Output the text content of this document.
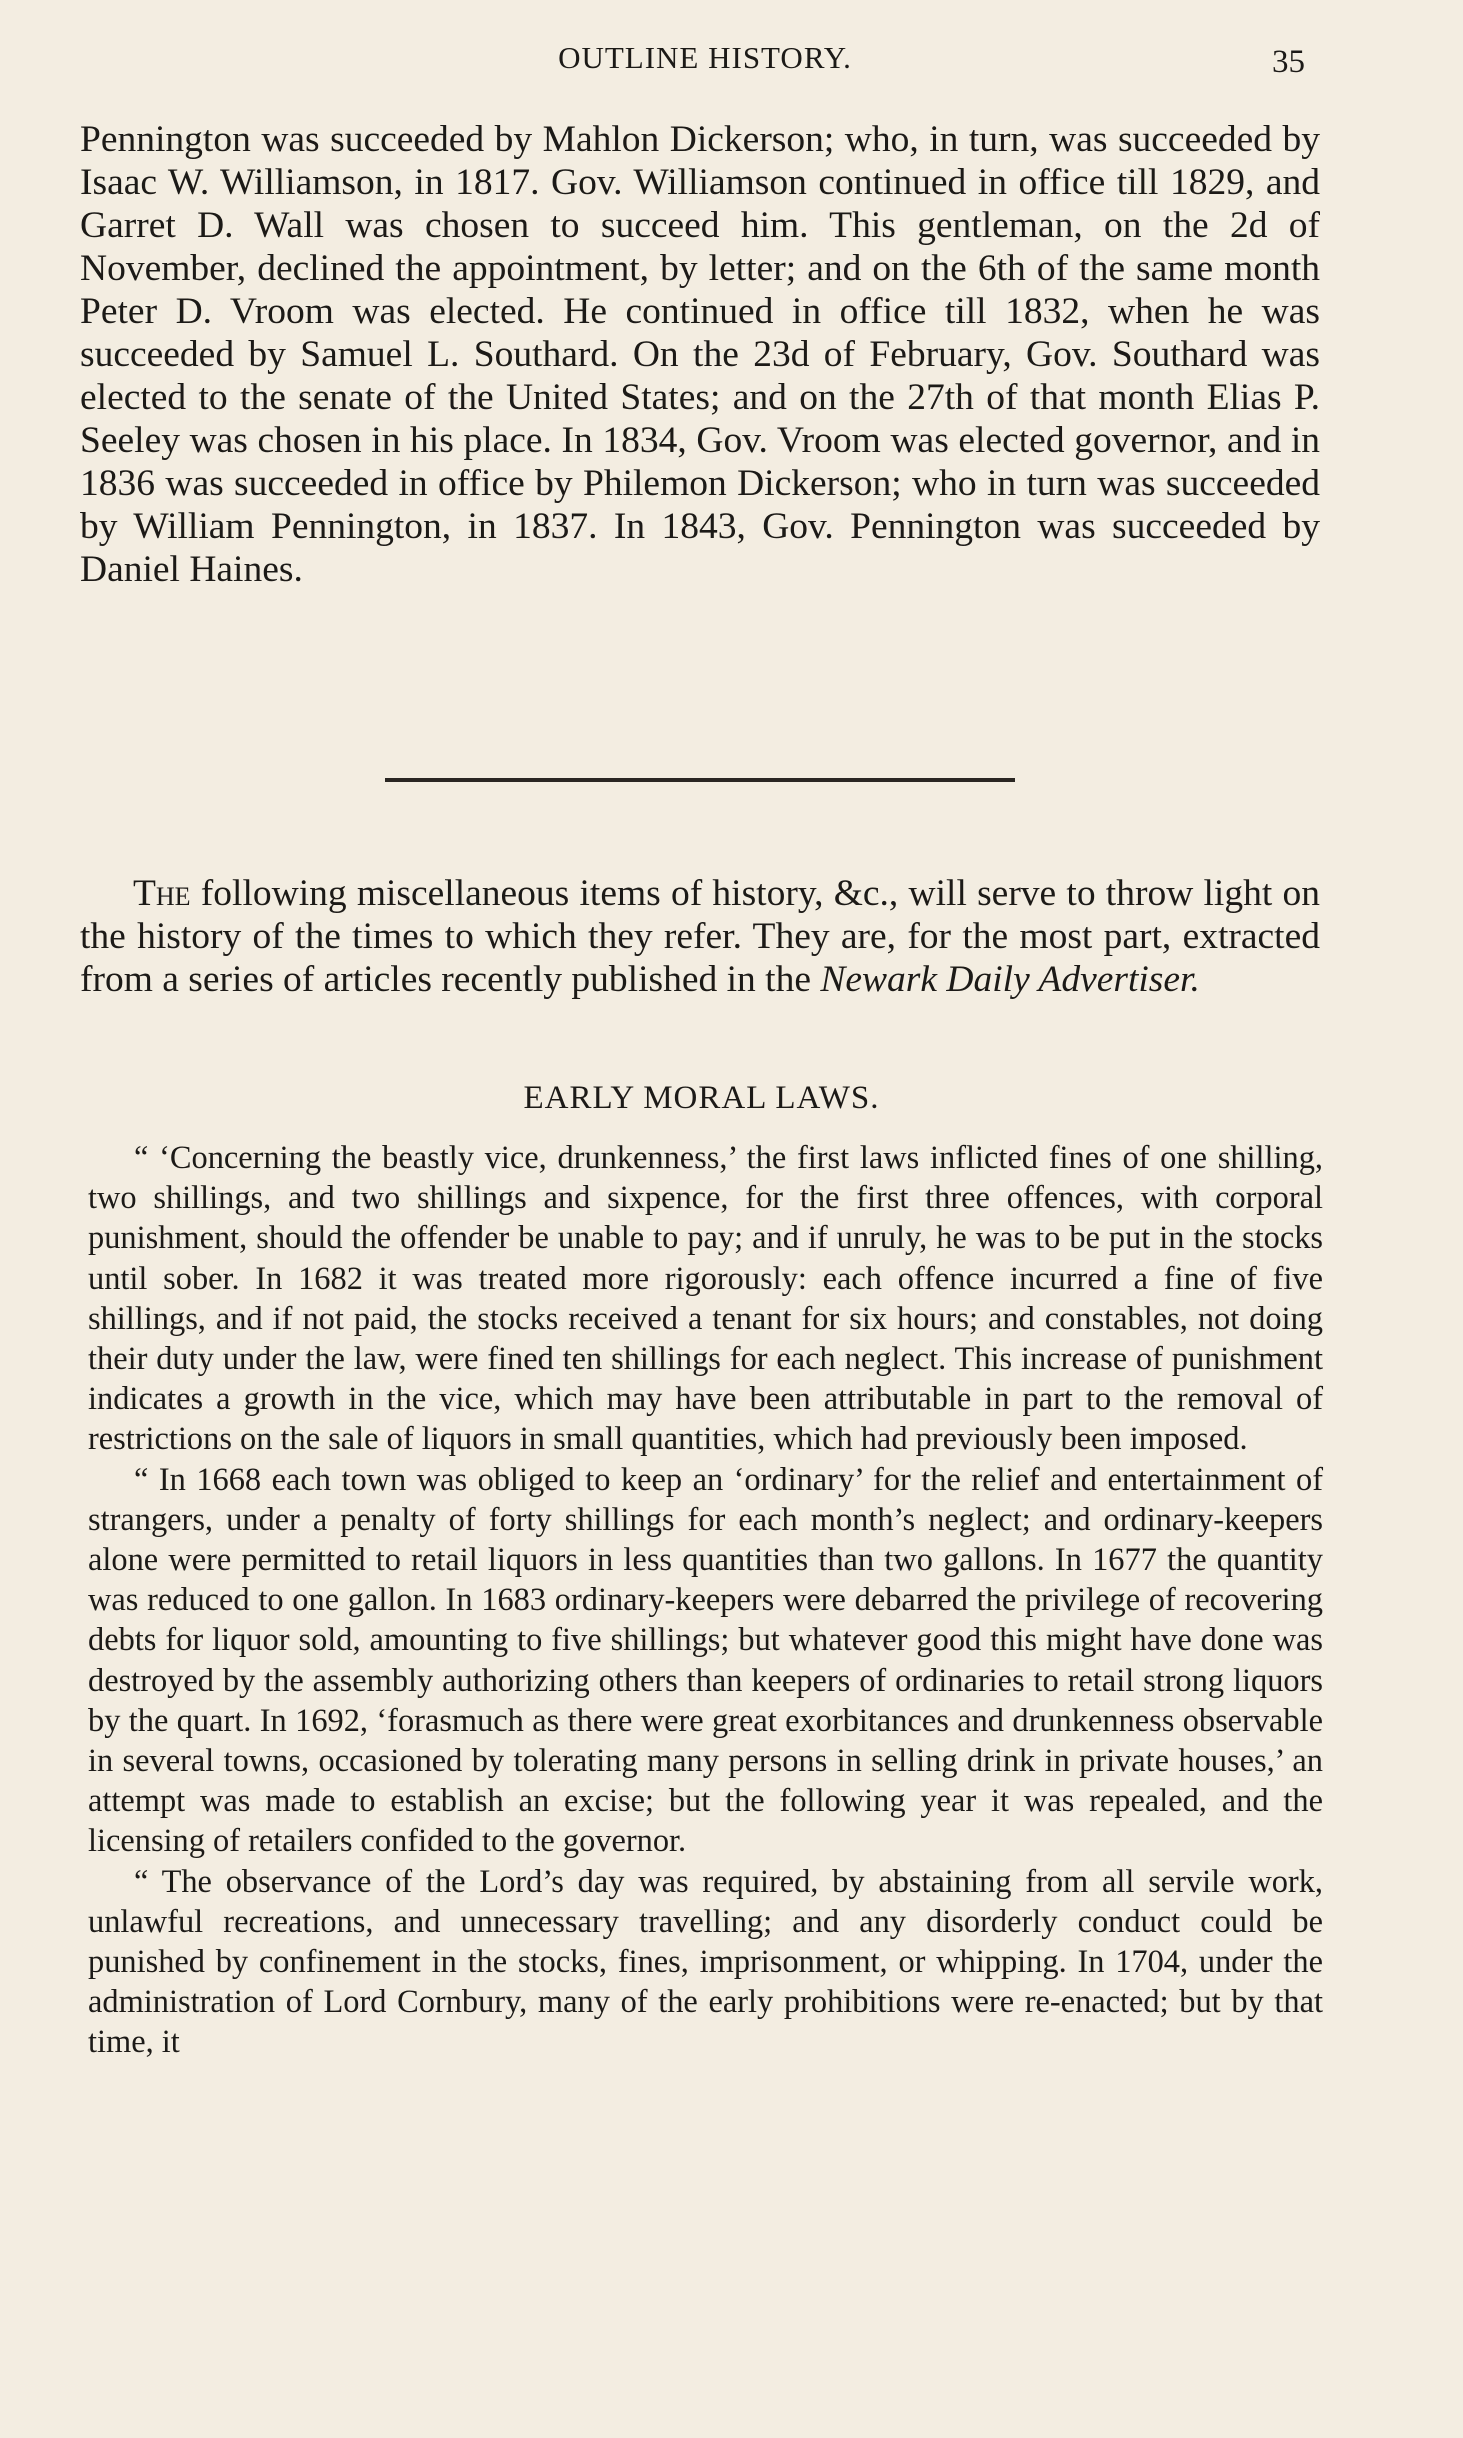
OUTLINE HISTORY.	35

Pennington was succeeded by Mahlon Dickerson; who, in turn, was succeeded by Isaac W. Williamson, in 1817. Gov. Williamson continued in office till 1829, and Garret D. Wall was chosen to succeed him. This gentleman, on the 2d of November, declined the appointment, by letter; and on the 6th of the same month Peter D. Vroom was elected. He continued in office till 1832, when he was succeeded by Samuel L. Southard. On the 23d of February, Gov. Southard was elected to the senate of the United States; and on the 27th of that month Elias P. Seeley was chosen in his place. In 1834, Gov. Vroom was elected governor, and in 1836 was succeeded in office by Philemon Dickerson; who in turn was succeeded by William Pennington, in 1837. In 1843, Gov. Pennington was succeeded by Daniel Haines.

The following miscellaneous items of history, &c., will serve to throw light on the history of the times to which they refer. They are, for the most part, extracted from a series of articles recently published in the Newark Daily Advertiser.

EARLY MORAL LAWS.

“ ‘Concerning the beastly vice, drunkenness,’ the first laws inflicted fines of one shilling, two shillings, and two shillings and sixpence, for the first three offences, with corporal punishment, should the offender be unable to pay; and if unruly, he was to be put in the stocks until sober. In 1682 it was treated more rigorously: each offence incurred a fine of five shillings, and if not paid, the stocks received a tenant for six hours; and constables, not doing their duty under the law, were fined ten shillings for each neglect. This increase of punishment indicates a growth in the vice, which may have been attributable in part to the removal of restrictions on the sale of liquors in small quantities, which had previously been imposed.

“ In 1668 each town was obliged to keep an ‘ordinary’ for the relief and entertainment of strangers, under a penalty of forty shillings for each month’s neglect; and ordinary-keepers alone were permitted to retail liquors in less quantities than two gallons. In 1677 the quantity was reduced to one gallon. In 1683 ordinary-keepers were debarred the privilege of recovering debts for liquor sold, amounting to five shillings; but whatever good this might have done was destroyed by the assembly authorizing others than keepers of ordinaries to retail strong liquors by the quart. In 1692, ‘forasmuch as there were great exorbitances and drunkenness observable in several towns, occasioned by tolerating many persons in selling drink in private houses,’ an attempt was made to establish an excise; but the following year it was repealed, and the licensing of retailers confided to the governor.

“ The observance of the Lord’s day was required, by abstaining from all servile work, unlawful recreations, and unnecessary travelling; and any disorderly conduct could be punished by confinement in the stocks, fines, imprisonment, or whipping. In 1704, under the administration of Lord Cornbury, many of the early prohibitions were re-enacted; but by that time, it
